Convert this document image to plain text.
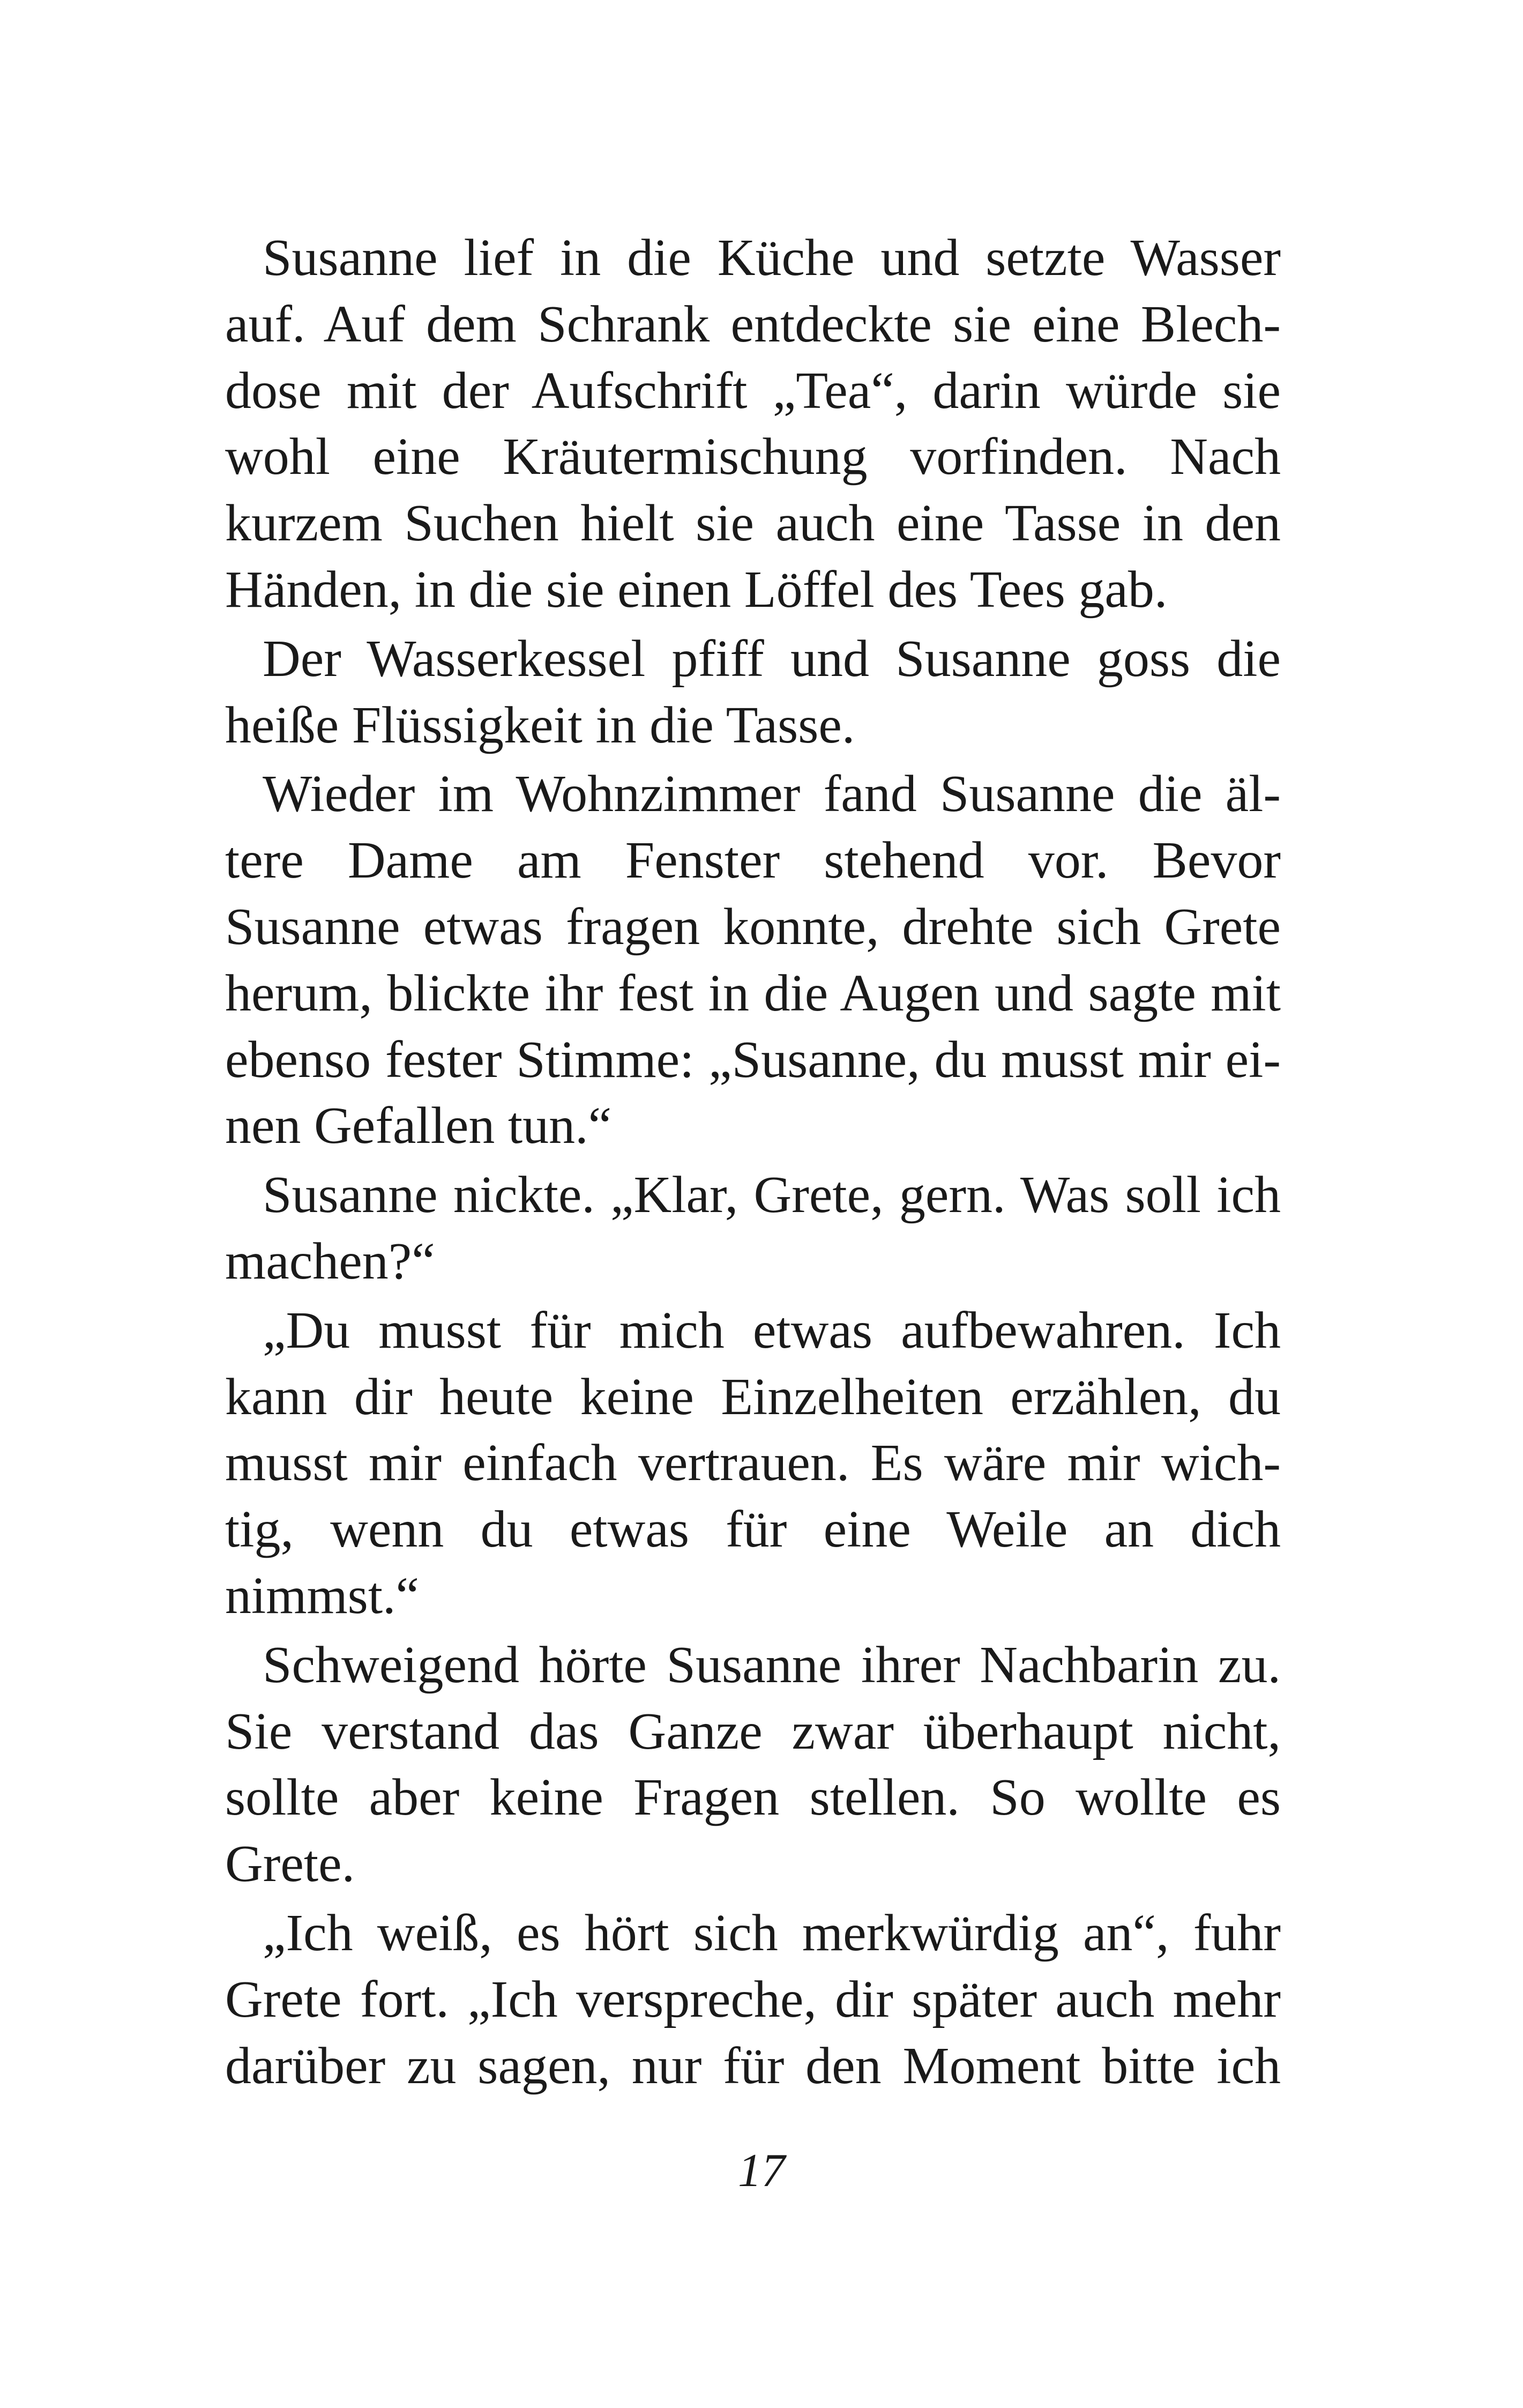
Susanne lief in die Küche und setzte Wasser
auf. Auf dem Schrank entdeckte sie eine Blech-
dose mit der Aufschrift „Tea“, darin würde sie
wohl eine Kräutermischung vorfinden. Nach
kurzem Suchen hielt sie auch eine Tasse in den
Händen, in die sie einen Löffel des Tees gab.

Der Wasserkessel pfiff und Susanne goss die
heiße Flüssigkeit in die Tasse.

Wieder im Wohnzimmer fand Susanne die äl-
tere Dame am Fenster stehend vor. Bevor
Susanne etwas fragen konnte, drehte sich Grete
herum, blickte ihr fest in die Augen und sagte mit
ebenso fester Stimme: „Susanne, du musst mir ei-
nen Gefallen tun.“

Susanne nickte. „Klar, Grete, gern. Was soll ich
machen?“

„Du musst für mich etwas aufbewahren. Ich
kann dir heute keine Einzelheiten erzählen, du
musst mir einfach vertrauen. Es wäre mir wich-
tig, wenn du etwas für eine Weile an dich
nimmst.“

Schweigend hörte Susanne ihrer Nachbarin zu.
Sie verstand das Ganze zwar überhaupt nicht,
sollte aber keine Fragen stellen. So wollte es
Grete.

„Ich weiß, es hört sich merkwürdig an“, fuhr
Grete fort. „Ich verspreche, dir später auch mehr
darüber zu sagen, nur für den Moment bitte ich

17
